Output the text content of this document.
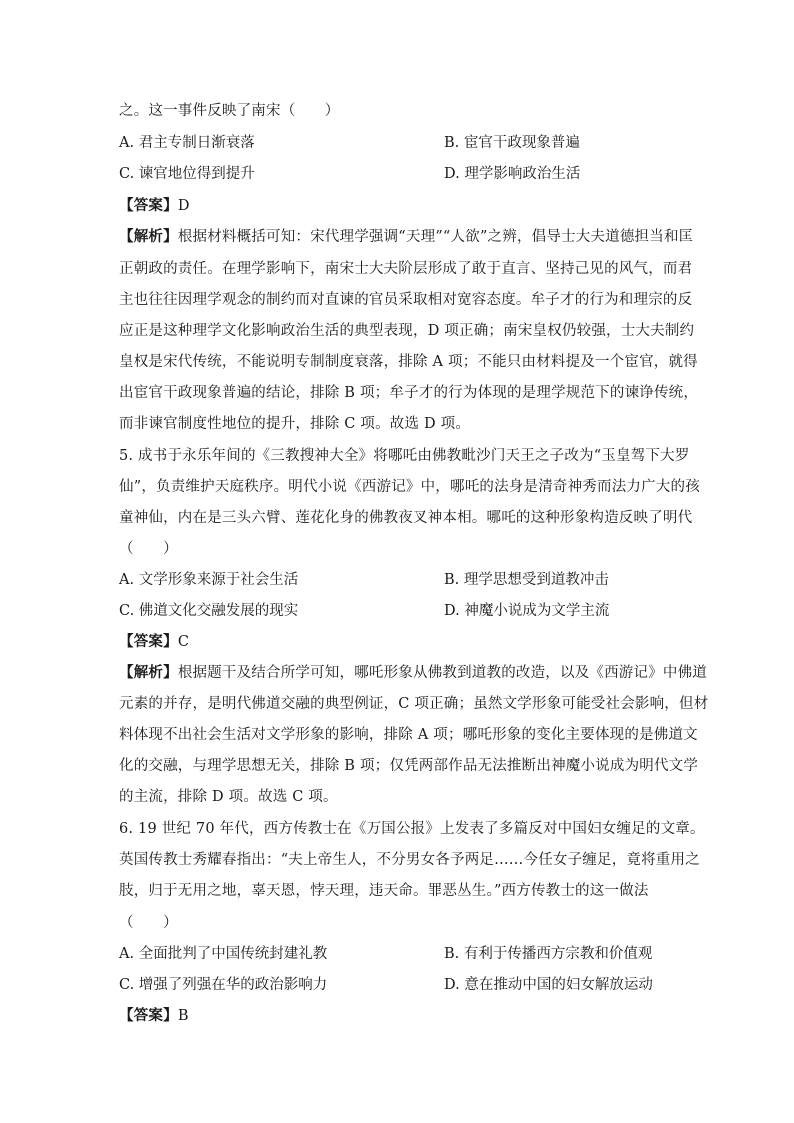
之。这一事件反映了南宋（　　）
A. 君主专制日渐衰落	B. 宦官干政现象普遍
C. 谏官地位得到提升	D. 理学影响政治生活
【答案】D
【解析】根据材料概括可知：宋代理学强调“天理”“人欲”之辨，倡导士大夫道德担当和匡
正朝政的责任。在理学影响下，南宋士大夫阶层形成了敢于直言、坚持己见的风气，而君
主也往往因理学观念的制约而对直谏的官员采取相对宽容态度。牟子才的行为和理宗的反
应正是这种理学文化影响政治生活的典型表现，D 项正确；南宋皇权仍较强，士大夫制约
皇权是宋代传统，不能说明专制制度衰落，排除 A 项；不能只由材料提及一个宦官，就得
出宦官干政现象普遍的结论，排除 B 项；牟子才的行为体现的是理学规范下的谏诤传统，
而非谏官制度性地位的提升，排除 C 项。故选 D 项。
5. 成书于永乐年间的《三教搜神大全》将哪吒由佛教毗沙门天王之子改为“玉皇驾下大罗
仙”，负责维护天庭秩序。明代小说《西游记》中，哪吒的法身是清奇神秀而法力广大的孩
童神仙，内在是三头六臂、莲花化身的佛教夜叉神本相。哪吒的这种形象构造反映了明代
（　　）
A. 文学形象来源于社会生活	B. 理学思想受到道教冲击
C. 佛道文化交融发展的现实	D. 神魔小说成为文学主流
【答案】C
【解析】根据题干及结合所学可知，哪吒形象从佛教到道教的改造，以及《西游记》中佛道
元素的并存，是明代佛道交融的典型例证，C 项正确；虽然文学形象可能受社会影响，但材
料体现不出社会生活对文学形象的影响，排除 A 项；哪吒形象的变化主要体现的是佛道文
化的交融，与理学思想无关，排除 B 项；仅凭两部作品无法推断出神魔小说成为明代文学
的主流，排除 D 项。故选 C 项。
6. 19 世纪 70 年代，西方传教士在《万国公报》上发表了多篇反对中国妇女缠足的文章。
英国传教士秀耀春指出：“夫上帝生人，不分男女各予两足……今任女子缠足，竟将重用之
肢，归于无用之地，辜天恩，悖天理，违天命。罪恶丛生。”西方传教士的这一做法
（　　）
A. 全面批判了中国传统封建礼教	B. 有利于传播西方宗教和价值观
C. 增强了列强在华的政治影响力	D. 意在推动中国的妇女解放运动
【答案】B
